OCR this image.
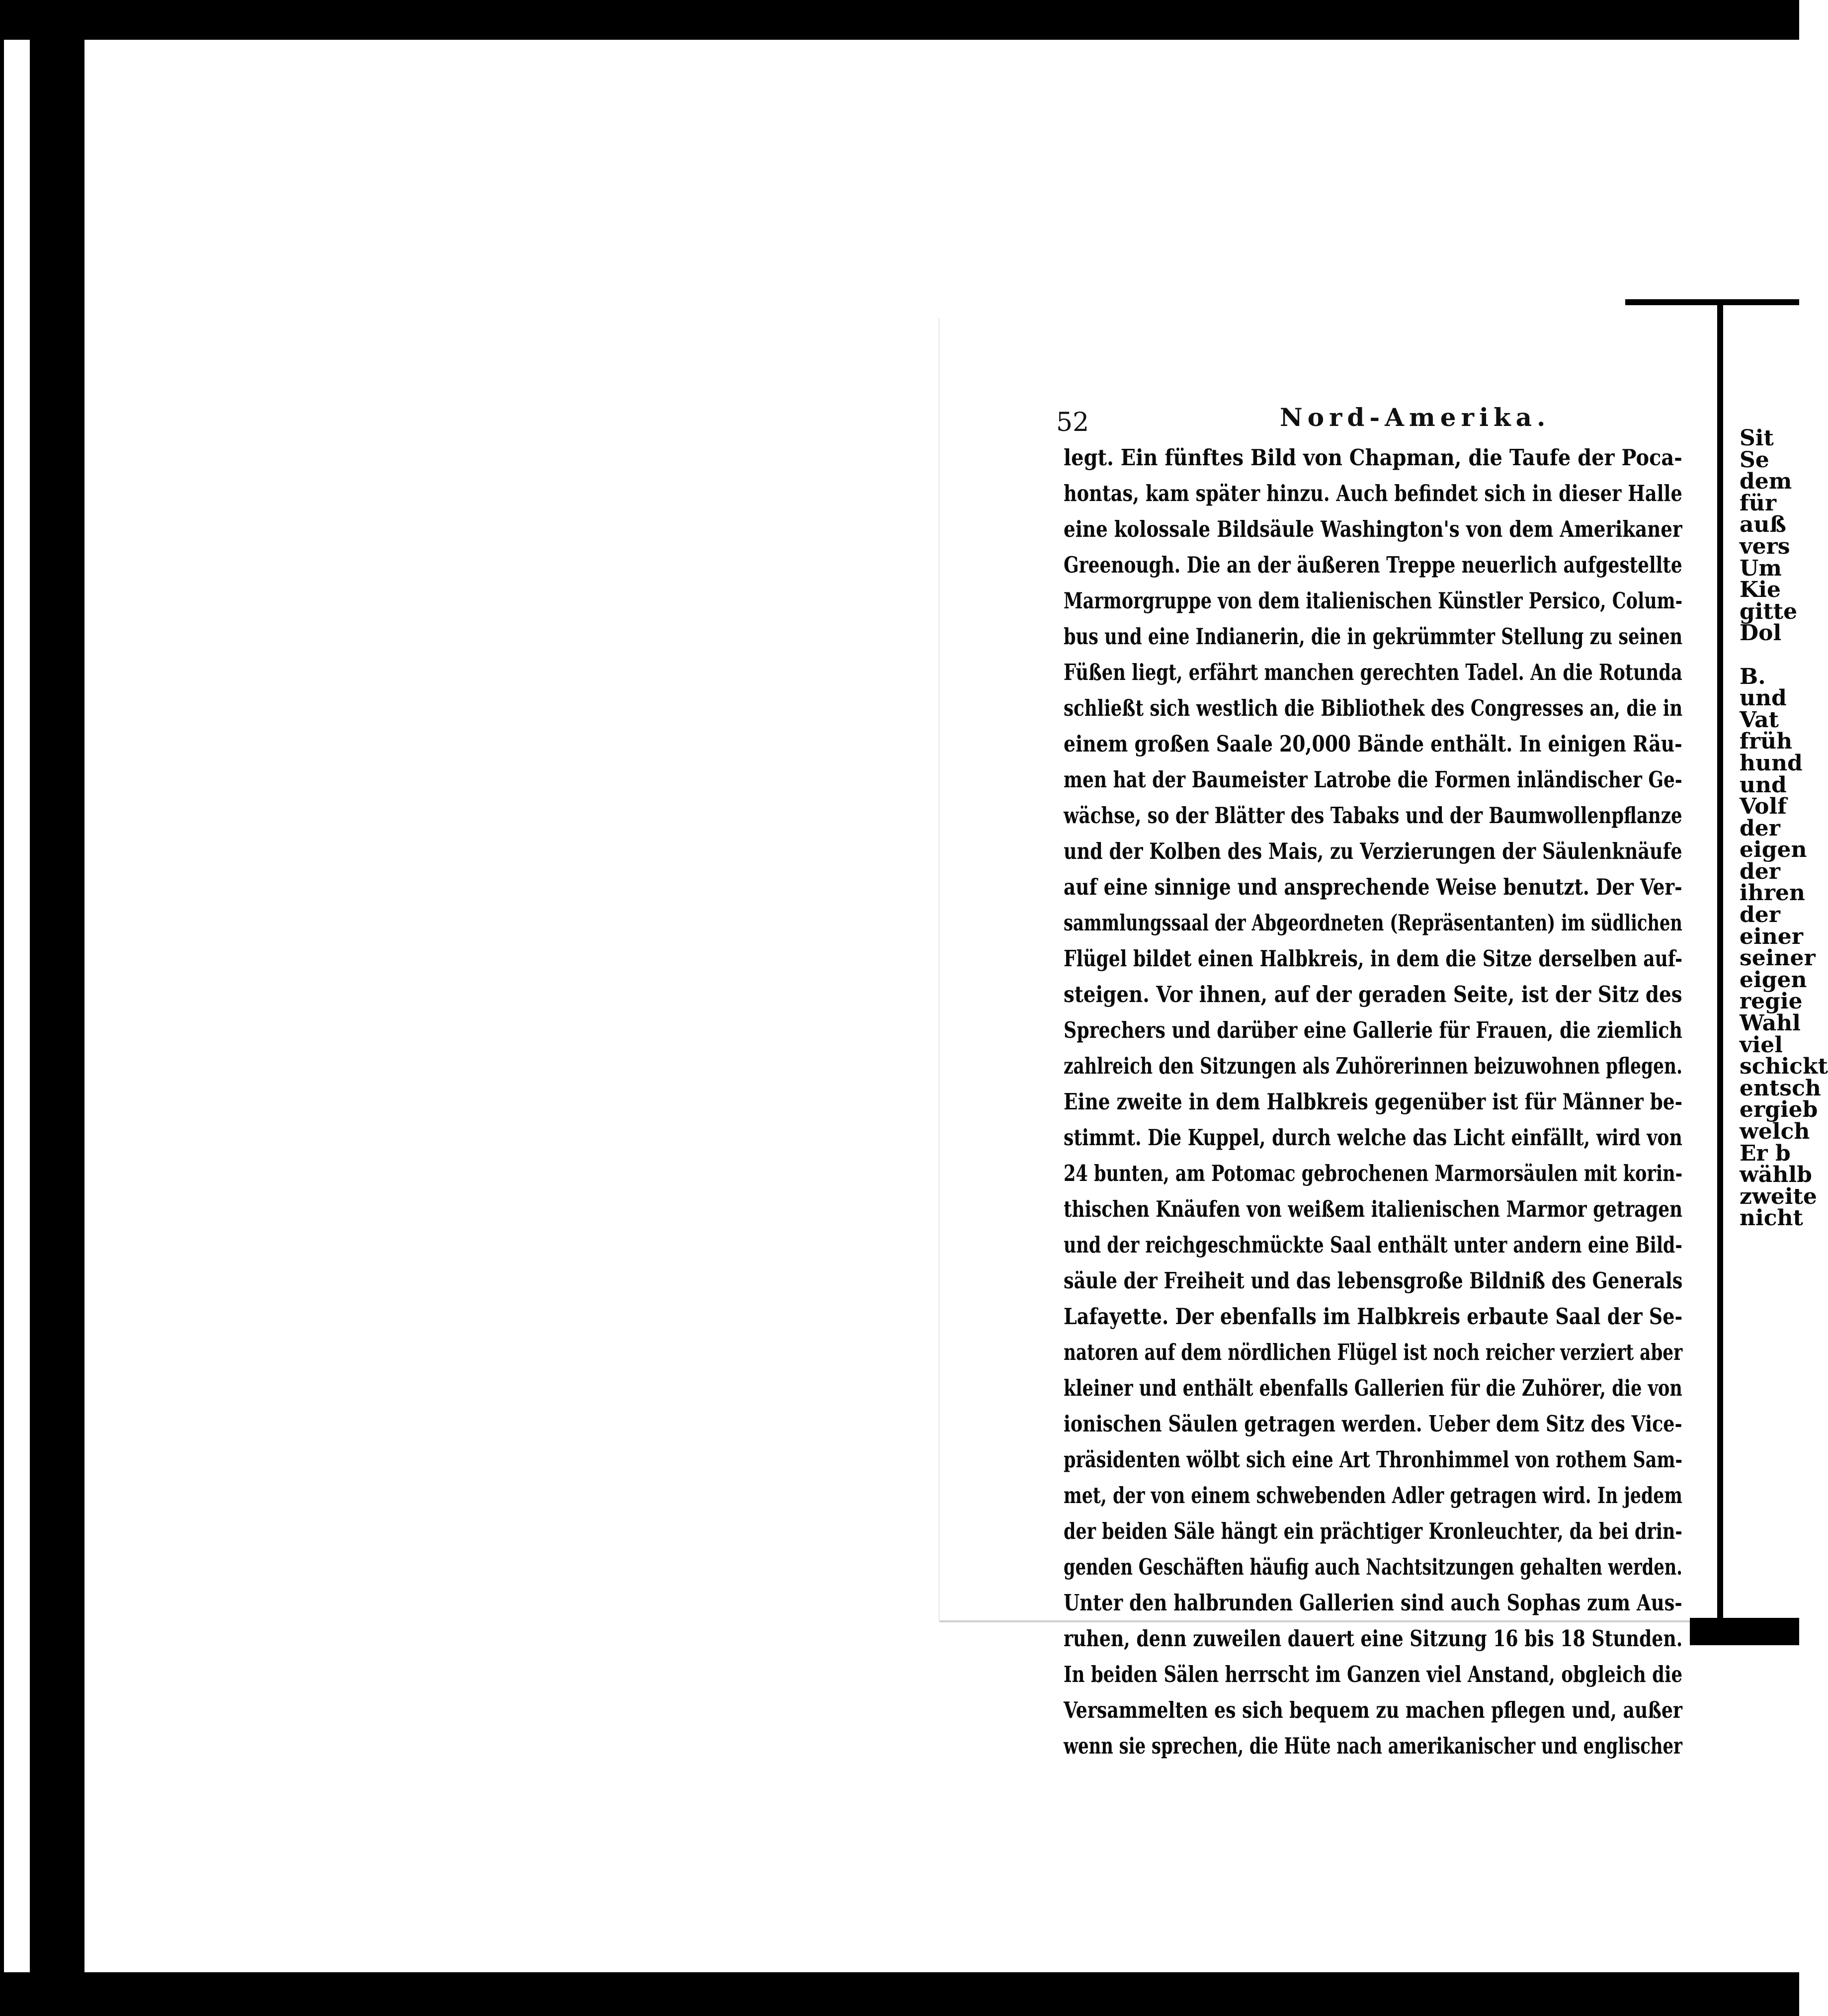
52	Nord-Amerika.
legt. Ein fünftes Bild von Chapman, die Taufe der Poca-
hontas, kam später hinzu. Auch befindet sich in dieser Halle
eine kolossale Bildsäule Washington's von dem Amerikaner
Greenough. Die an der äußeren Treppe neuerlich aufgestellte
Marmorgruppe von dem italienischen Künstler Persico, Colum-
bus und eine Indianerin, die in gekrümmter Stellung zu seinen
Füßen liegt, erfährt manchen gerechten Tadel. An die Rotunda
schließt sich westlich die Bibliothek des Congresses an, die in
einem großen Saale 20,000 Bände enthält. In einigen Räu-
men hat der Baumeister Latrobe die Formen inländischer Ge-
wächse, so der Blätter des Tabaks und der Baumwollenpflanze
und der Kolben des Mais, zu Verzierungen der Säulenknäufe
auf eine sinnige und ansprechende Weise benutzt. Der Ver-
sammlungssaal der Abgeordneten (Repräsentanten) im südlichen
Flügel bildet einen Halbkreis, in dem die Sitze derselben auf-
steigen. Vor ihnen, auf der geraden Seite, ist der Sitz des
Sprechers und darüber eine Gallerie für Frauen, die ziemlich
zahlreich den Sitzungen als Zuhörerinnen beizuwohnen pflegen.
Eine zweite in dem Halbkreis gegenüber ist für Männer be-
stimmt. Die Kuppel, durch welche das Licht einfällt, wird von
24 bunten, am Potomac gebrochenen Marmorsäulen mit korin-
thischen Knäufen von weißem italienischen Marmor getragen
und der reichgeschmückte Saal enthält unter andern eine Bild-
säule der Freiheit und das lebensgroße Bildniß des Generals
Lafayette. Der ebenfalls im Halbkreis erbaute Saal der Se-
natoren auf dem nördlichen Flügel ist noch reicher verziert aber
kleiner und enthält ebenfalls Gallerien für die Zuhörer, die von
ionischen Säulen getragen werden. Ueber dem Sitz des Vice-
präsidenten wölbt sich eine Art Thronhimmel von rothem Sam-
met, der von einem schwebenden Adler getragen wird. In jedem
der beiden Säle hängt ein prächtiger Kronleuchter, da bei drin-
genden Geschäften häufig auch Nachtsitzungen gehalten werden.
Unter den halbrunden Gallerien sind auch Sophas zum Aus-
ruhen, denn zuweilen dauert eine Sitzung 16 bis 18 Stunden.
In beiden Sälen herrscht im Ganzen viel Anstand, obgleich die
Versammelten es sich bequem zu machen pflegen und, außer
wenn sie sprechen, die Hüte nach amerikanischer und englischer
Sit
Se
dem
für
auß
vers
Um
Kie
gitte
Dol
B.
und
Vat
früh
hund
und
Volf
der
eigen
der
ihren
der
einer
seiner
eigen
regie
Wahl
viel
schickt
entsch
ergieb
welch
Er b
wählb
zweite
nicht
